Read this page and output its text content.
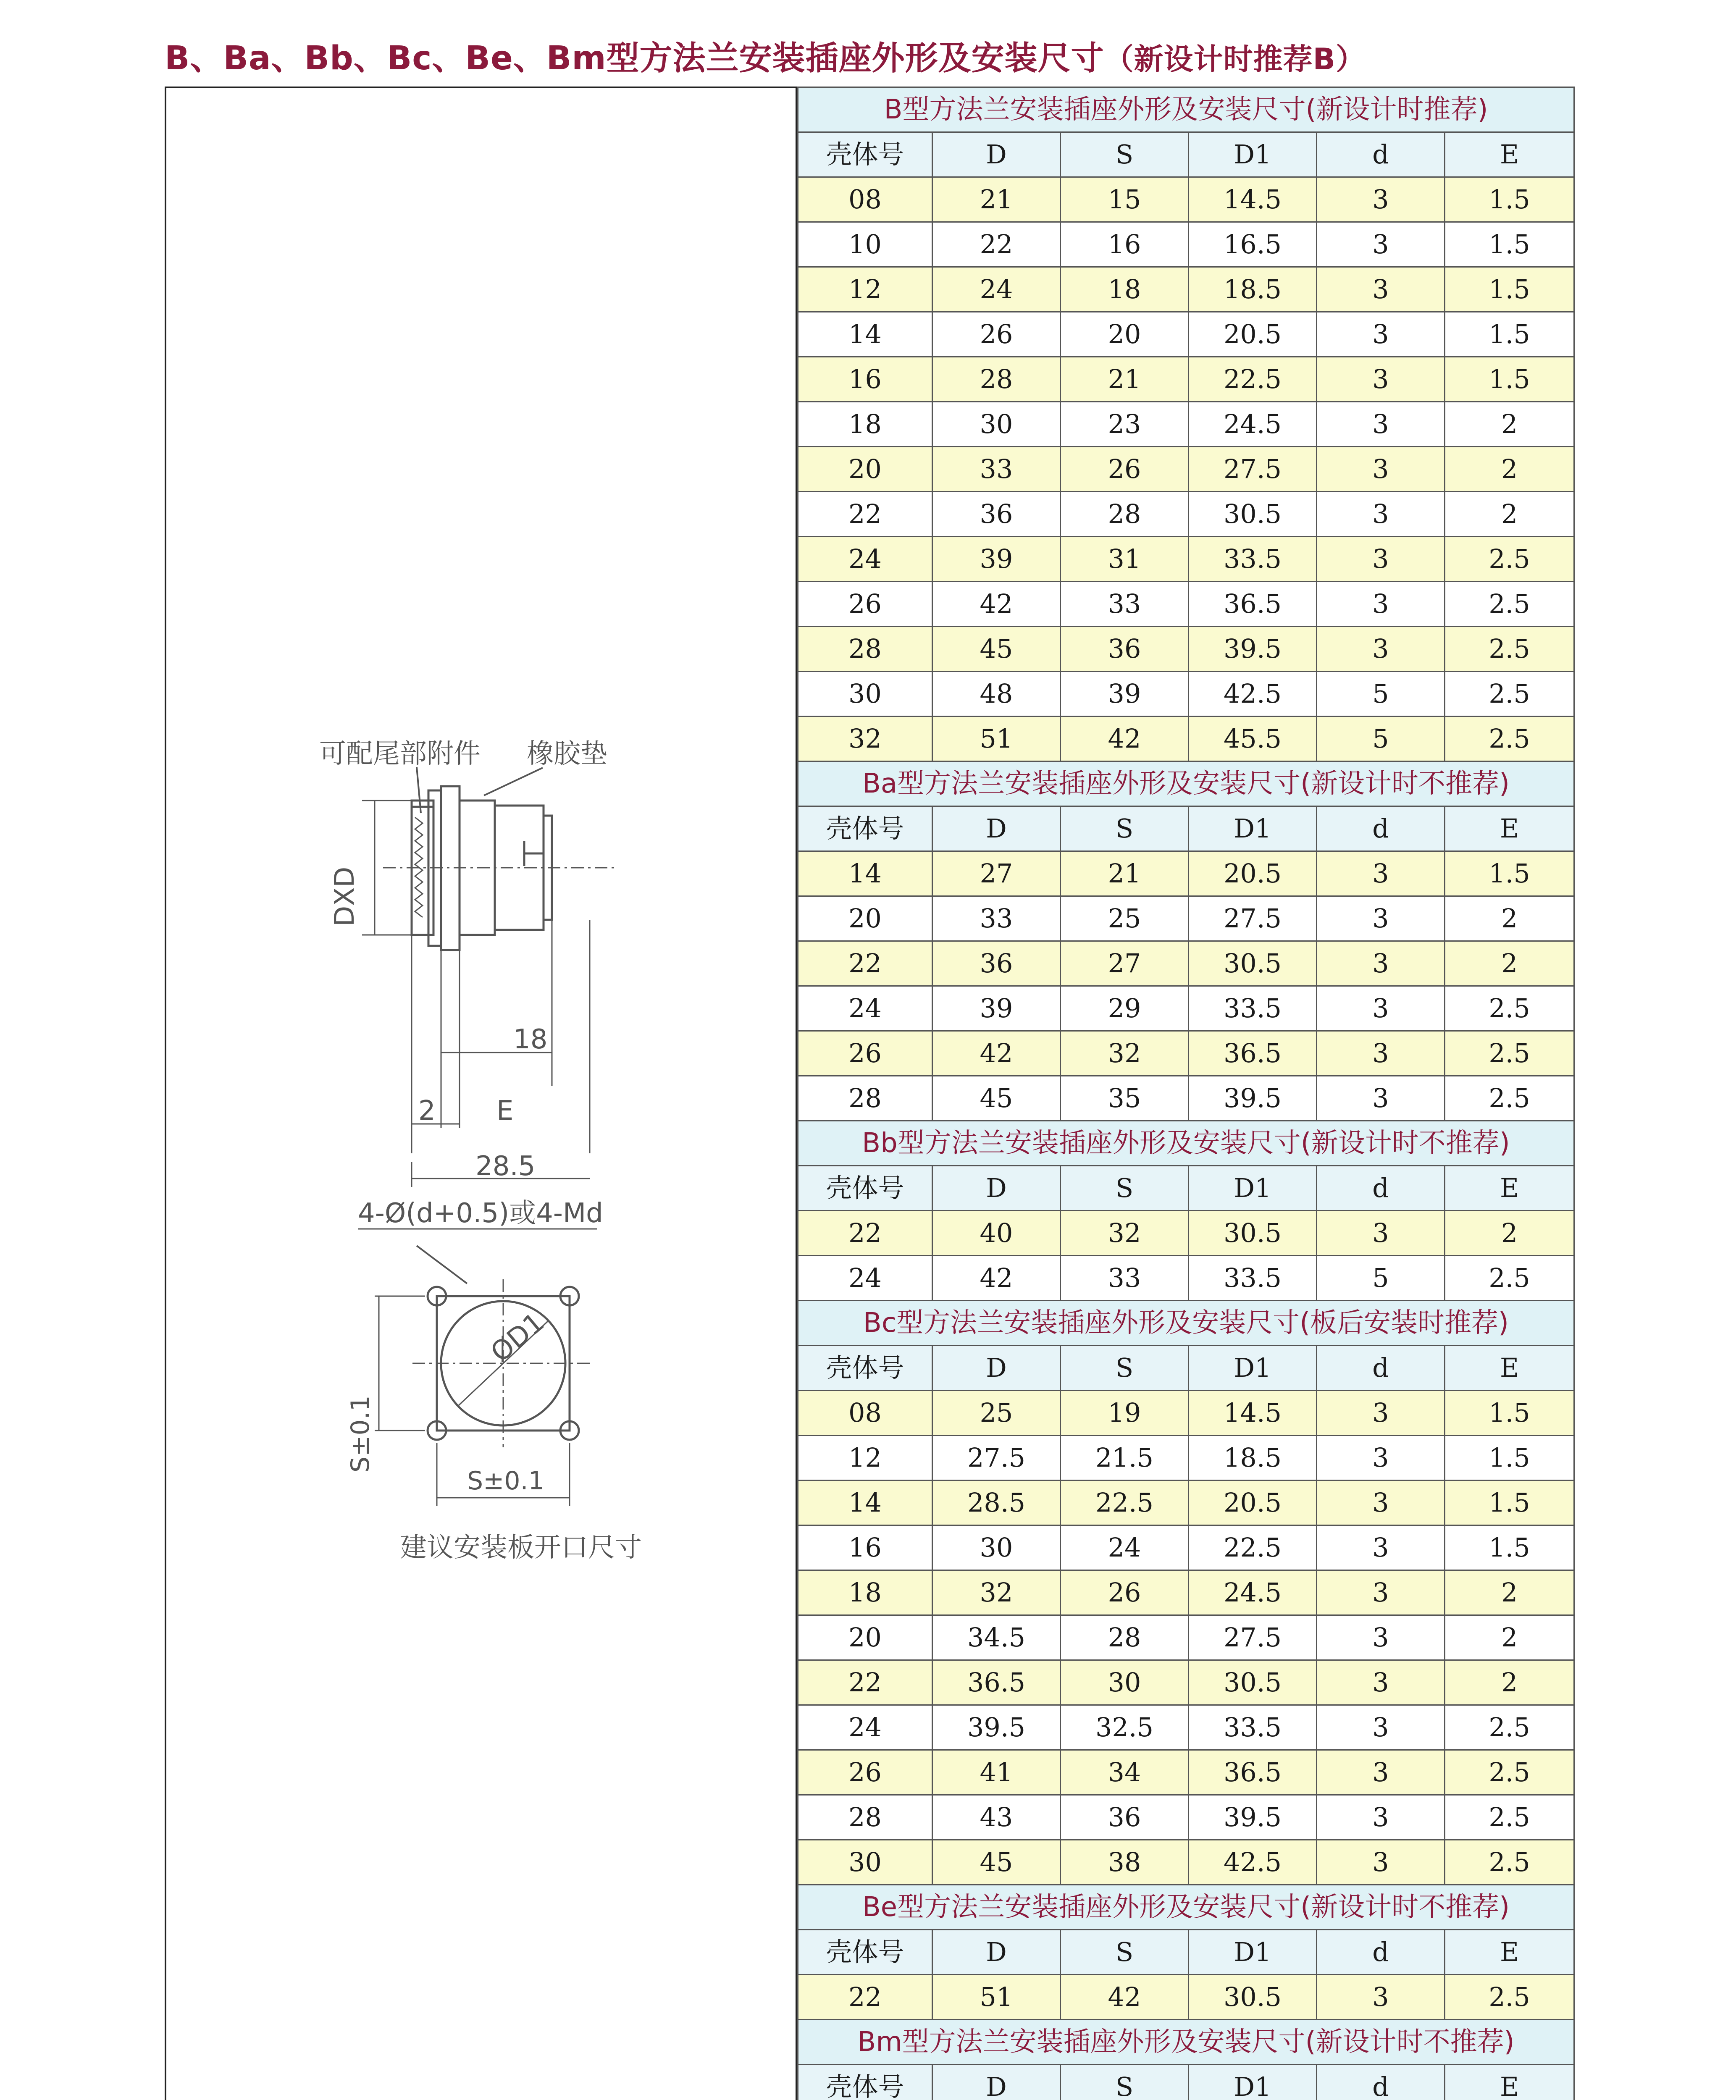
B、Ba、Bb、Bc、Be、Bm型方法兰安装插座外形及安装尺寸（新设计时推荐B）
可配尾部附件 橡胶垫
DXD
18
2 E
28.5
4-Ø(d+0.5)或4-Md
ØD1
S±0.1
S±0.1
建议安装板开口尺寸
B型方法兰安装插座外形及安装尺寸(新设计时推荐)					
壳体号	D	S	D1	d	E
08	21	15	14.5	3	1.5
10	22	16	16.5	3	1.5
12	24	18	18.5	3	1.5
14	26	20	20.5	3	1.5
16	28	21	22.5	3	1.5
18	30	23	24.5	3	2
20	33	26	27.5	3	2
22	36	28	30.5	3	2
24	39	31	33.5	3	2.5
26	42	33	36.5	3	2.5
28	45	36	39.5	3	2.5
30	48	39	42.5	5	2.5
32	51	42	45.5	5	2.5
Ba型方法兰安装插座外形及安装尺寸(新设计时不推荐)					
壳体号	D	S	D1	d	E
14	27	21	20.5	3	1.5
20	33	25	27.5	3	2
22	36	27	30.5	3	2
24	39	29	33.5	3	2.5
26	42	32	36.5	3	2.5
28	45	35	39.5	3	2.5
Bb型方法兰安装插座外形及安装尺寸(新设计时不推荐)					
壳体号	D	S	D1	d	E
22	40	32	30.5	3	2
24	42	33	33.5	5	2.5
Bc型方法兰安装插座外形及安装尺寸(板后安装时推荐)					
壳体号	D	S	D1	d	E
08	25	19	14.5	3	1.5
12	27.5	21.5	18.5	3	1.5
14	28.5	22.5	20.5	3	1.5
16	30	24	22.5	3	1.5
18	32	26	24.5	3	2
20	34.5	28	27.5	3	2
22	36.5	30	30.5	3	2
24	39.5	32.5	33.5	3	2.5
26	41	34	36.5	3	2.5
28	43	36	39.5	3	2.5
30	45	38	42.5	3	2.5
Be型方法兰安装插座外形及安装尺寸(新设计时不推荐)					
壳体号	D	S	D1	d	E
22	51	42	30.5	3	2.5
Bm型方法兰安装插座外形及安装尺寸(新设计时不推荐)					
壳体号	D	S	D1	d	E
